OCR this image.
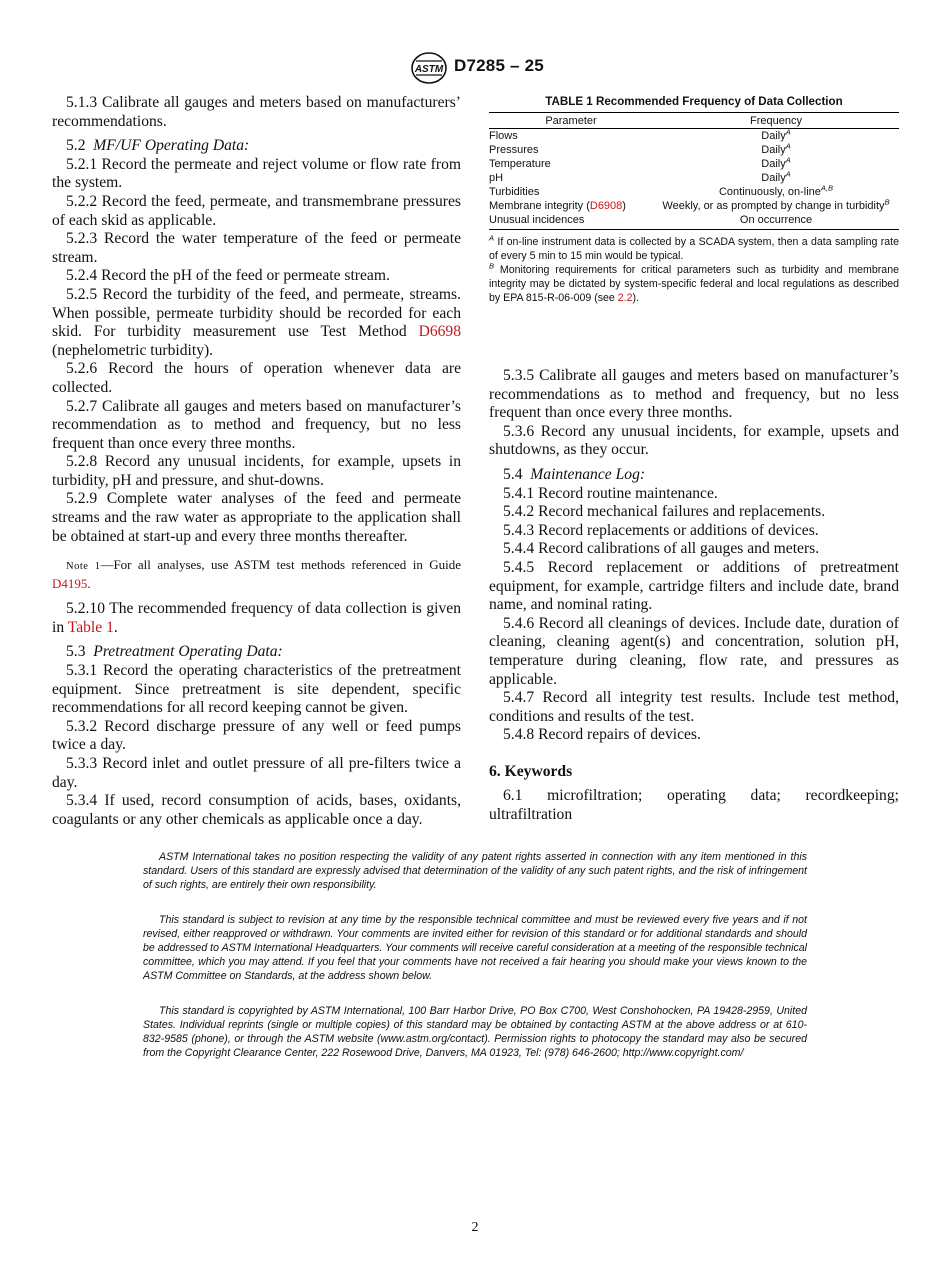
ASTM D7285 – 25

5.1.3 Calibrate all gauges and meters based on manufacturers’ recommendations.

5.2 MF/UF Operating Data:

5.2.1 Record the permeate and reject volume or flow rate from the system.

5.2.2 Record the feed, permeate, and transmembrane pressures of each skid as applicable.

5.2.3 Record the water temperature of the feed or permeate stream.

5.2.4 Record the pH of the feed or permeate stream.

5.2.5 Record the turbidity of the feed, and permeate, streams. When possible, permeate turbidity should be recorded for each skid. For turbidity measurement use Test Method D6698 (nephelometric turbidity).

5.2.6 Record the hours of operation whenever data are collected.

5.2.7 Calibrate all gauges and meters based on manufacturer’s recommendation as to method and frequency, but no less frequent than once every three months.

5.2.8 Record any unusual incidents, for example, upsets in turbidity, pH and pressure, and shut-downs.

5.2.9 Complete water analyses of the feed and permeate streams and the raw water as appropriate to the application shall be obtained at start-up and every three months thereafter.

Note 1—For all analyses, use ASTM test methods referenced in Guide D4195.

5.2.10 The recommended frequency of data collection is given in Table 1.

5.3 Pretreatment Operating Data:

5.3.1 Record the operating characteristics of the pretreatment equipment. Since pretreatment is site dependent, specific recommendations for all record keeping cannot be given.

5.3.2 Record discharge pressure of any well or feed pumps twice a day.

5.3.3 Record inlet and outlet pressure of all pre-filters twice a day.

5.3.4 If used, record consumption of acids, bases, oxidants, coagulants or any other chemicals as applicable once a day.

TABLE 1 Recommended Frequency of Data Collection
Parameter	Frequency
Flows	Daily$^A$
Pressures	Daily$^A$
Temperature	Daily$^A$
pH	Daily$^A$
Turbidities	Continuously, on-line$^{A,B}$
Membrane integrity (D6908)	Weekly, or as prompted by change in turbidity$^B$
Unusual incidences	On occurrence

$^A$ If on-line instrument data is collected by a SCADA system, then a data sampling rate of every 5 min to 15 min would be typical.

$^B$ Monitoring requirements for critical parameters such as turbidity and membrane integrity may be dictated by system-specific federal and local regulations as described by EPA 815-R-06-009 (see 2.2).

5.3.5 Calibrate all gauges and meters based on manufacturer’s recommendations as to method and frequency, but no less frequent than once every three months.

5.3.6 Record any unusual incidents, for example, upsets and shutdowns, as they occur.

5.4 Maintenance Log:

5.4.1 Record routine maintenance.

5.4.2 Record mechanical failures and replacements.

5.4.3 Record replacements or additions of devices.

5.4.4 Record calibrations of all gauges and meters.

5.4.5 Record replacement or additions of pretreatment equipment, for example, cartridge filters and include date, brand name, and nominal rating.

5.4.6 Record all cleanings of devices. Include date, duration of cleaning, cleaning agent(s) and concentration, solution pH, temperature during cleaning, flow rate, and pressures as applicable.

5.4.7 Record all integrity test results. Include test method, conditions and results of the test.

5.4.8 Record repairs of devices.

6. Keywords

6.1 microfiltration; operating data; recordkeeping; ultrafiltration

ASTM International takes no position respecting the validity of any patent rights asserted in connection with any item mentioned in this standard. Users of this standard are expressly advised that determination of the validity of any such patent rights, and the risk of infringement of such rights, are entirely their own responsibility.

This standard is subject to revision at any time by the responsible technical committee and must be reviewed every five years and if not revised, either reapproved or withdrawn. Your comments are invited either for revision of this standard or for additional standards and should be addressed to ASTM International Headquarters. Your comments will receive careful consideration at a meeting of the responsible technical committee, which you may attend. If you feel that your comments have not received a fair hearing you should make your views known to the ASTM Committee on Standards, at the address shown below.

This standard is copyrighted by ASTM International, 100 Barr Harbor Drive, PO Box C700, West Conshohocken, PA 19428-2959, United States. Individual reprints (single or multiple copies) of this standard may be obtained by contacting ASTM at the above address or at 610-832-9585 (phone), or through the ASTM website (www.astm.org/contact). Permission rights to photocopy the standard may also be secured from the Copyright Clearance Center, 222 Rosewood Drive, Danvers, MA 01923, Tel: (978) 646-2600; http://www.copyright.com/

2
